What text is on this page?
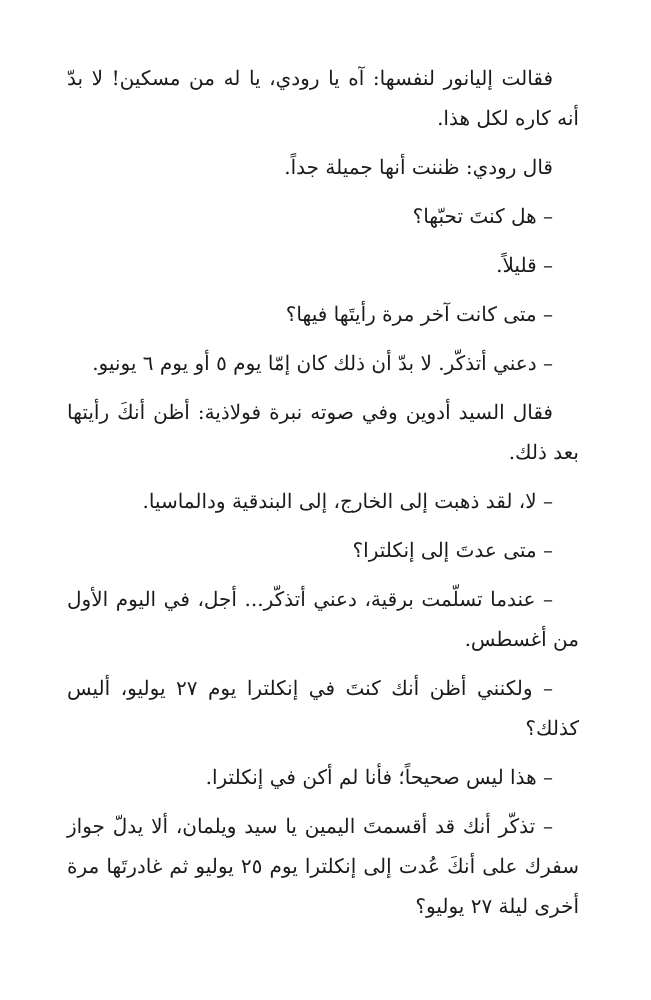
فقالت إليانور لنفسها: آه يا رودي، يا له من مسكين! لا بدّ أنه كاره لكل هذا.

قال رودي: ظننت أنها جميلة جداً.

– هل كنتَ تحبّها؟

– قليلاً.

– متى كانت آخر مرة رأيتَها فيها؟

– دعني أتذكّر. لا بدّ أن ذلك كان إمّا يوم ٥ أو يوم ٦ يونيو.

فقال السيد أدوين وفي صوته نبرة فولاذية: أظن أنكَ رأيتها بعد ذلك.

– لا، لقد ذهبت إلى الخارج، إلى البندقية ودالماسيا.

– متى عدتَ إلى إنكلترا؟

– عندما تسلّمت برقية، دعني أتذكّر... أجل، في اليوم الأول من أغسطس.

– ولكنني أظن أنك كنتَ في إنكلترا يوم ٢٧ يوليو، أليس كذلك؟

– هذا ليس صحيحاً؛ فأنا لم أكن في إنكلترا.

– تذكّر أنك قد أقسمتَ اليمين يا سيد ويلمان، ألا يدلّ جواز سفرك على أنكَ عُدت إلى إنكلترا يوم ٢٥ يوليو ثم غادرتَها مرة أخرى ليلة ٢٧ يوليو؟
